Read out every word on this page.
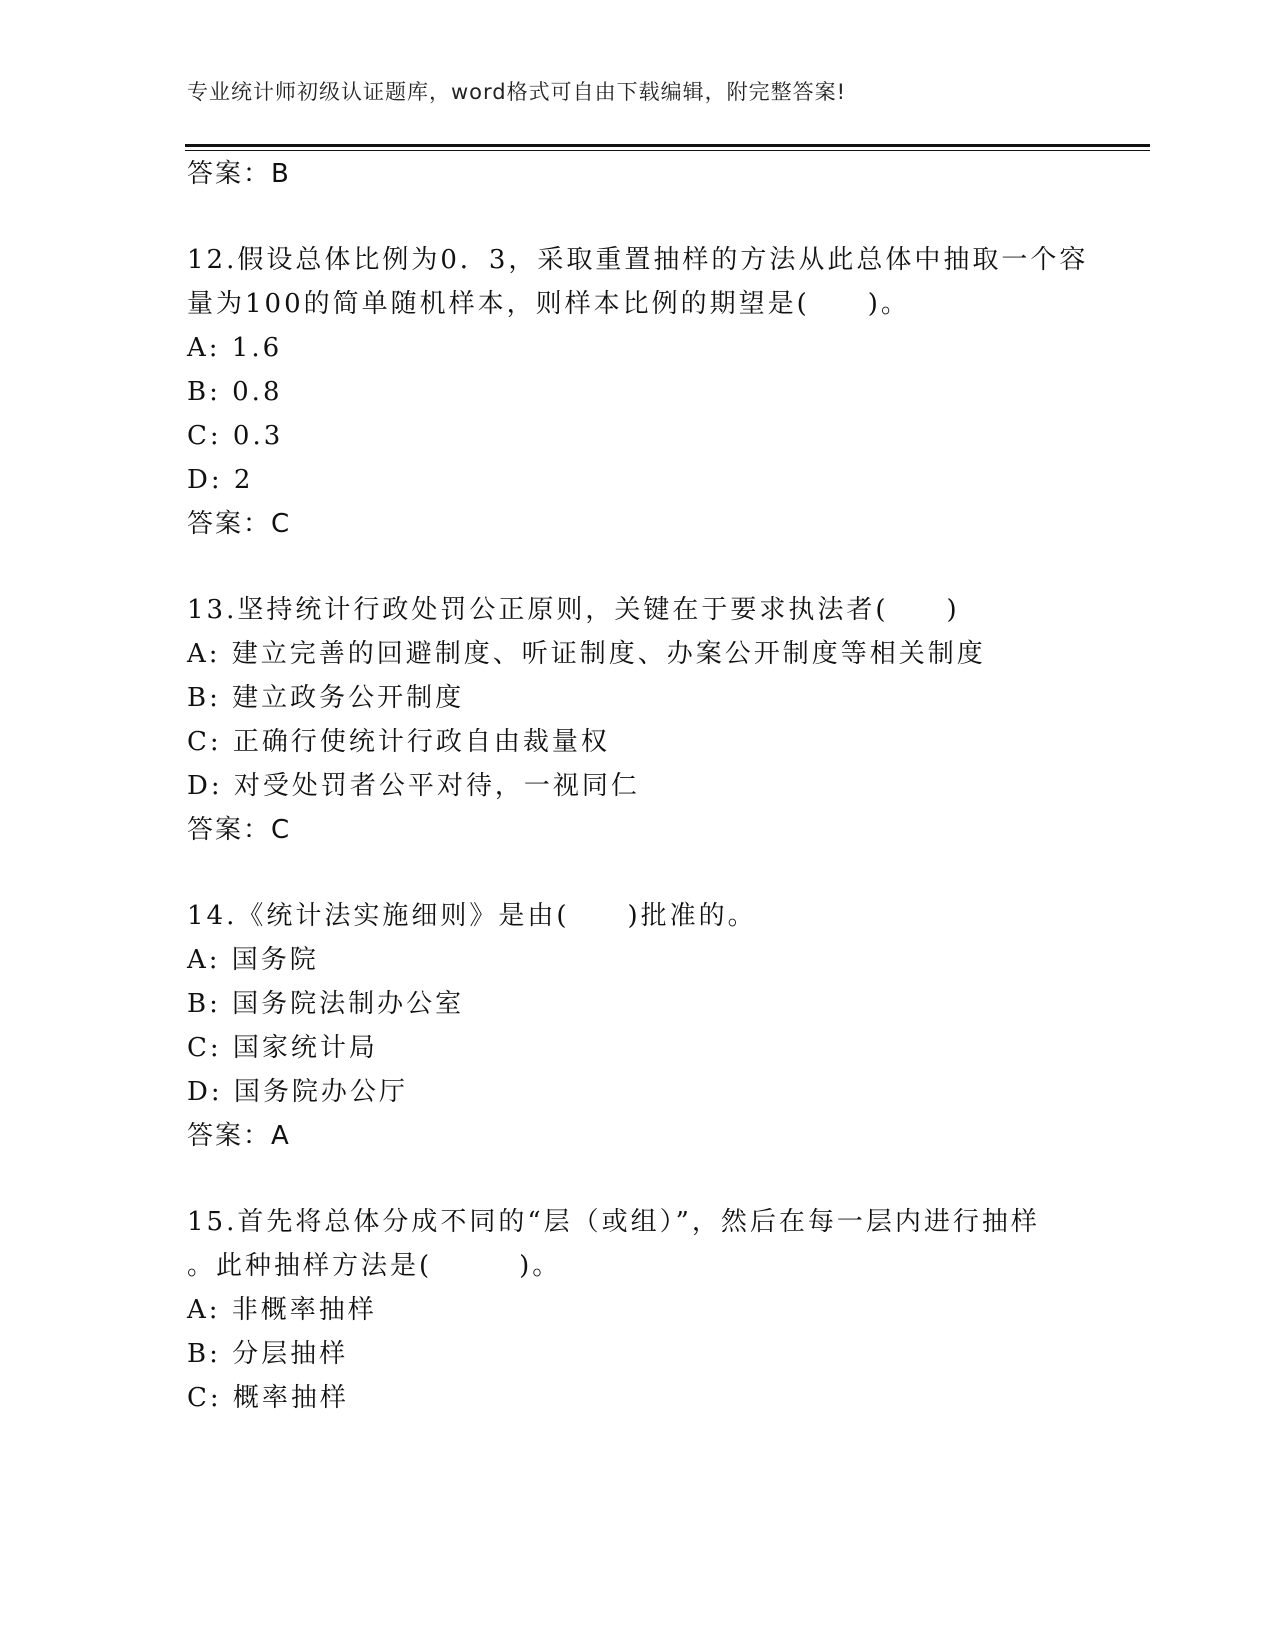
专业统计师初级认证题库，word格式可自由下载编辑，附完整答案!
答案：B
12.假设总体比例为0．3，采取重置抽样的方法从此总体中抽取一个容
量为100的简单随机样本，则样本比例的期望是(　　)。
A: 1.6
B: 0.8
C: 0.3
D: 2
答案：C
13.坚持统计行政处罚公正原则，关键在于要求执法者(　　)
A: 建立完善的回避制度、听证制度、办案公开制度等相关制度
B: 建立政务公开制度
C: 正确行使统计行政自由裁量权
D: 对受处罚者公平对待，一视同仁
答案：C
14.《统计法实施细则》是由(　　)批准的。
A: 国务院
B: 国务院法制办公室
C: 国家统计局
D: 国务院办公厅
答案：A
15.首先将总体分成不同的“层（或组）”，然后在每一层内进行抽样
。此种抽样方法是(　　　)。
A: 非概率抽样
B: 分层抽样
C: 概率抽样
